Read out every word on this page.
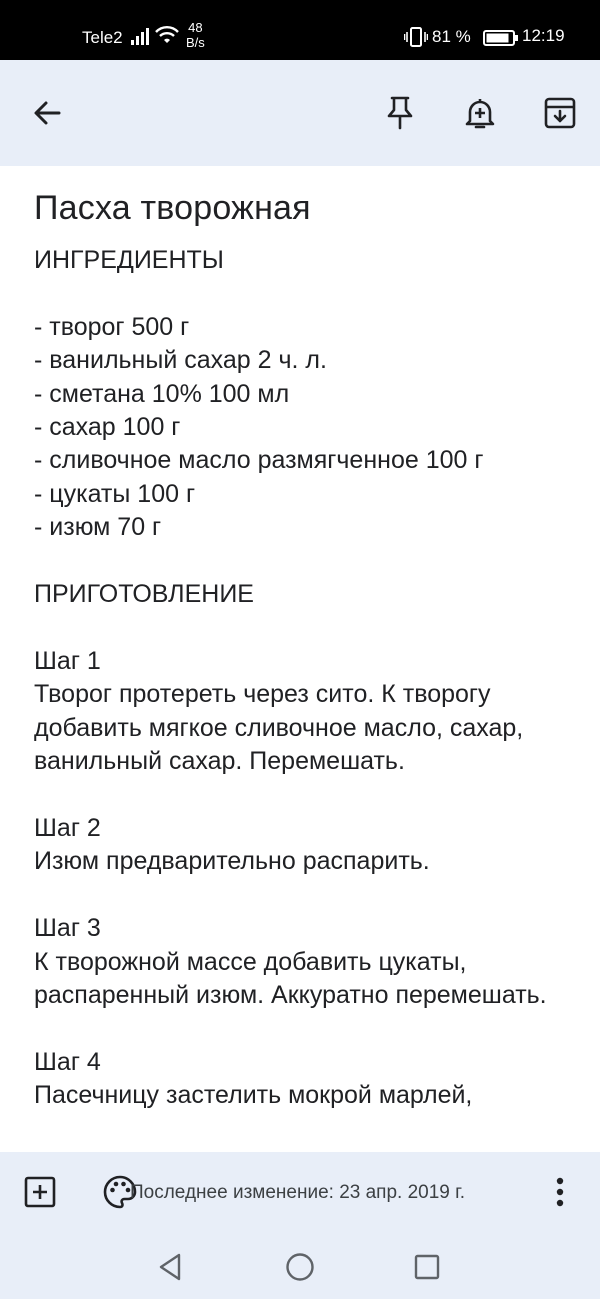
Tele2
48
B/s	81 %	12:19
Пасха творожная
ИНГРЕДИЕНТЫ

- творог 500 г
- ванильный сахар 2 ч. л.
- сметана 10% 100 мл
- сахар 100 г
- сливочное масло размягченное 100 г
- цукаты 100 г
- изюм 70 г

ПРИГОТОВЛЕНИЕ

Шаг 1
Творог протереть через сито. К творогу добавить мягкое сливочное масло, сахар, ванильный сахар. Перемешать.

Шаг 2
Изюм предварительно распарить.

Шаг 3
К творожной массе добавить цукаты, распаренный изюм. Аккуратно перемешать.

Шаг 4
Пасечницу застелить мокрой марлей,
Последнее изменение: 23 апр. 2019 г.
